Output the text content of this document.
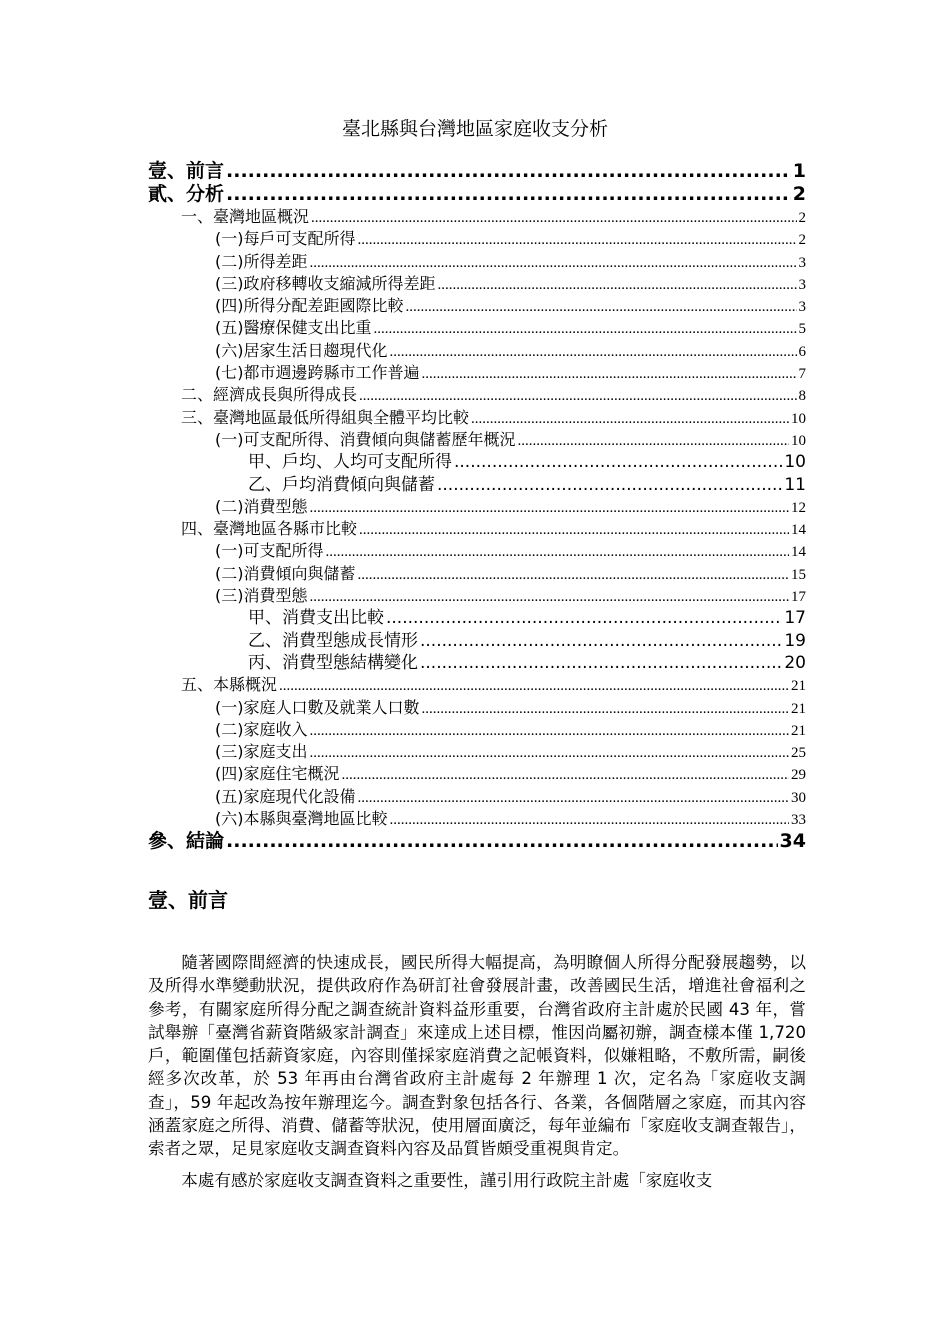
臺北縣與台灣地區家庭收支分析
壹、前言 .....	1
貳、分析 .....	2
一、臺灣地區概況 .....	2
(一)每戶可支配所得 .....	2
(二)所得差距 .....	3
(三)政府移轉收支縮減所得差距 .....	3
(四)所得分配差距國際比較 .....	3
(五)醫療保健支出比重 .....	5
(六)居家生活日趨現代化 .....	6
(七)都市週邊跨縣市工作普遍 .....	7
二、經濟成長與所得成長 .....	8
三、臺灣地區最低所得組與全體平均比較 .....	10
(一)可支配所得、消費傾向與儲蓄歷年概況 .....	10
甲、戶均、人均可支配所得 .....	10
乙、戶均消費傾向與儲蓄 .....	11
(二)消費型態 .....	12
四、臺灣地區各縣市比較 .....	14
(一)可支配所得 .....	14
(二)消費傾向與儲蓄 .....	15
(三)消費型態 .....	17
甲、消費支出比較 .....	17
乙、消費型態成長情形 .....	19
丙、消費型態結構變化 .....	20
五、本縣概況 .....	21
(一)家庭人口數及就業人口數 .....	21
(二)家庭收入 .....	21
(三)家庭支出 .....	25
(四)家庭住宅概況 .....	29
(五)家庭現代化設備 .....	30
(六)本縣與臺灣地區比較 .....	33
參、結論 .....	34
壹、前言

隨著國際間經濟的快速成長，國民所得大幅提高，為明瞭個人所得分配發展趨勢，以及所得水準變動狀況，提供政府作為研訂社會發展計畫，改善國民生活，增進社會福利之參考，有關家庭所得分配之調查統計資料益形重要，台灣省政府主計處於民國 43 年，嘗試舉辦「臺灣省薪資階級家計調查」來達成上述目標，惟因尚屬初辦，調查樣本僅 1,720 戶，範圍僅包括薪資家庭，內容則僅採家庭消費之記帳資料，似嫌粗略，不敷所需，嗣後經多次改革，於 53 年再由台灣省政府主計處每 2 年辦理 1 次，定名為「家庭收支調查」，59 年起改為按年辦理迄今。調查對象包括各行、各業，各個階層之家庭，而其內容涵蓋家庭之所得、消費、儲蓄等狀況，使用層面廣泛，每年並編布「家庭收支調查報告」，索者之眾，足見家庭收支調查資料內容及品質皆頗受重視與肯定。

本處有感於家庭收支調查資料之重要性，謹引用行政院主計處「家庭收支
